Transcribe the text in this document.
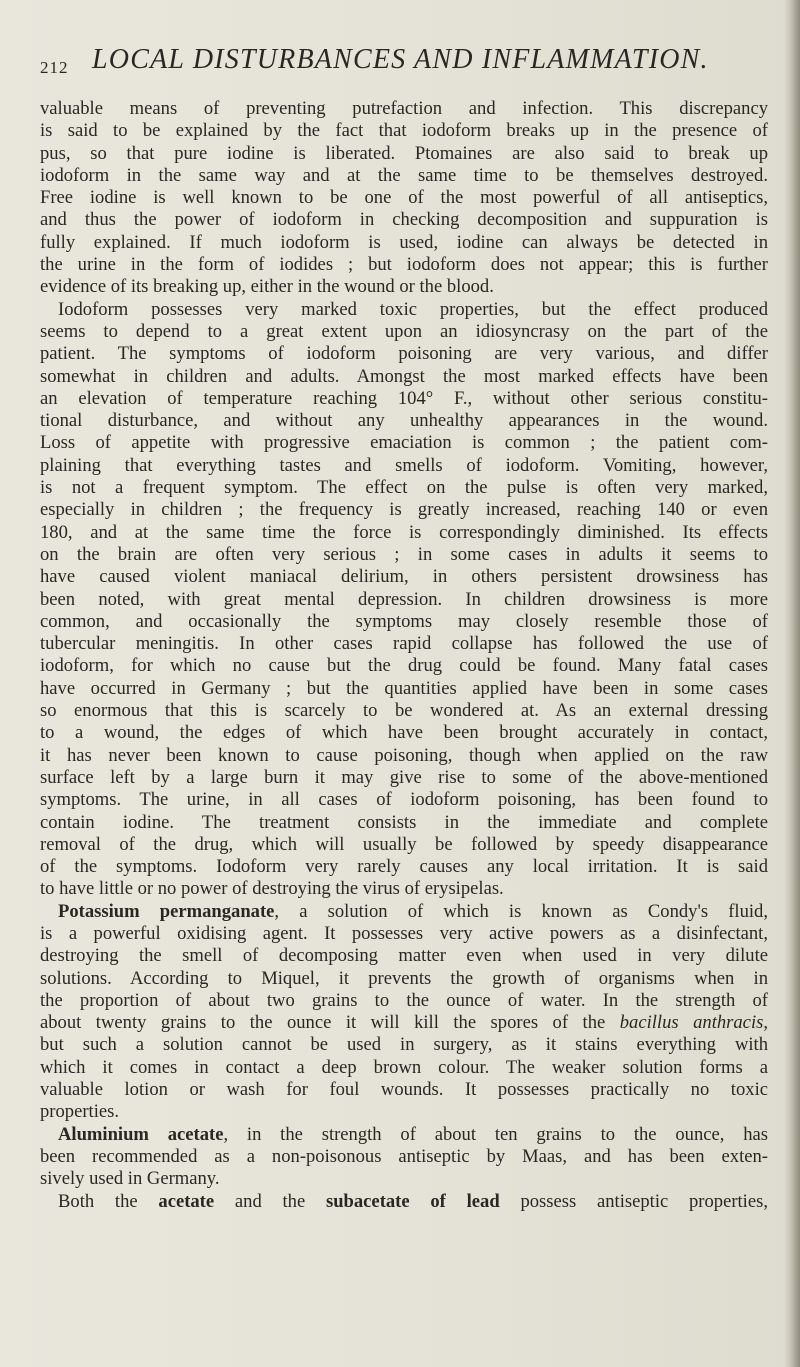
212 LOCAL DISTURBANCES AND INFLAMMATION.
valuable means of preventing putrefaction and infection. This discrepancy
is said to be explained by the fact that iodoform breaks up in the presence of
pus, so that pure iodine is liberated. Ptomaines are also said to break up
iodoform in the same way and at the same time to be themselves destroyed.
Free iodine is well known to be one of the most powerful of all antiseptics,
and thus the power of iodoform in checking decomposition and suppuration is
fully explained. If much iodoform is used, iodine can always be detected in
the urine in the form of iodides ; but iodoform does not appear; this is further
evidence of its breaking up, either in the wound or the blood.
Iodoform possesses very marked toxic properties, but the effect produced
seems to depend to a great extent upon an idiosyncrasy on the part of the
patient. The symptoms of iodoform poisoning are very various, and differ
somewhat in children and adults. Amongst the most marked effects have been
an elevation of temperature reaching 104° F., without other serious constitu-
tional disturbance, and without any unhealthy appearances in the wound.
Loss of appetite with progressive emaciation is common ; the patient com-
plaining that everything tastes and smells of iodoform. Vomiting, however,
is not a frequent symptom. The effect on the pulse is often very marked,
especially in children ; the frequency is greatly increased, reaching 140 or even
180, and at the same time the force is correspondingly diminished. Its effects
on the brain are often very serious ; in some cases in adults it seems to
have caused violent maniacal delirium, in others persistent drowsiness has
been noted, with great mental depression. In children drowsiness is more
common, and occasionally the symptoms may closely resemble those of
tubercular meningitis. In other cases rapid collapse has followed the use of
iodoform, for which no cause but the drug could be found. Many fatal cases
have occurred in Germany ; but the quantities applied have been in some cases
so enormous that this is scarcely to be wondered at. As an external dressing
to a wound, the edges of which have been brought accurately in contact,
it has never been known to cause poisoning, though when applied on the raw
surface left by a large burn it may give rise to some of the above-mentioned
symptoms. The urine, in all cases of iodoform poisoning, has been found to
contain iodine. The treatment consists in the immediate and complete
removal of the drug, which will usually be followed by speedy disappearance
of the symptoms. Iodoform very rarely causes any local irritation. It is said
to have little or no power of destroying the virus of erysipelas.
Potassium permanganate, a solution of which is known as Condy's fluid,
is a powerful oxidising agent. It possesses very active powers as a disinfectant,
destroying the smell of decomposing matter even when used in very dilute
solutions. According to Miquel, it prevents the growth of organisms when in
the proportion of about two grains to the ounce of water. In the strength of
about twenty grains to the ounce it will kill the spores of the bacillus anthracis,
but such a solution cannot be used in surgery, as it stains everything with
which it comes in contact a deep brown colour. The weaker solution forms a
valuable lotion or wash for foul wounds. It possesses practically no toxic
properties.
Aluminium acetate, in the strength of about ten grains to the ounce, has
been recommended as a non-poisonous antiseptic by Maas, and has been exten-
sively used in Germany.
Both the acetate and the subacetate of lead possess antiseptic properties,
